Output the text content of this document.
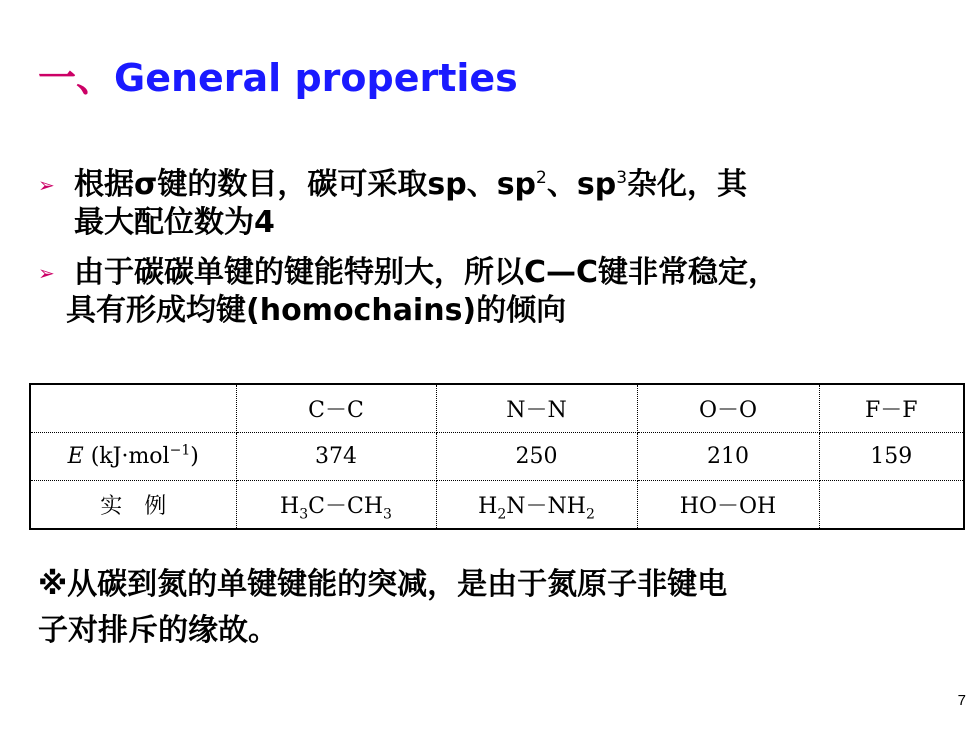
一、General properties
➢ 根据σ键的数目，碳可采取sp、$sp^2$、$sp^3$杂化，其
最大配位数为4
➢ 由于碳碳单键的键能特别大，所以C—C键非常稳定，
具有形成均键(homochains)的倾向
	C－C	N－N	O－O	F－F
E (kJ·mol$^{-1}$)	374	250	210	159
实　例	$H_3C-CH_3$	$H_2N-NH_2$	HO－OH	
※从碳到氮的单键键能的突减，是由于氮原子非键电
子对排斥的缘故。
7
